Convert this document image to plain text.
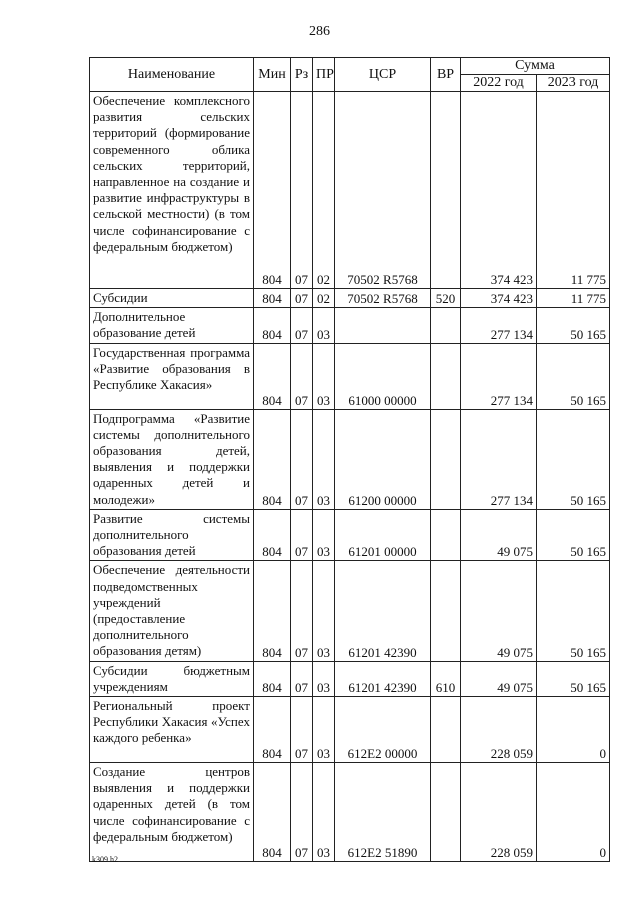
286
Наименование	Мин	Рз	ПР	ЦСР	ВР	Сумма	
						2022 год	2023 год
Обеспечение комплексного развития сельских территорий (формирование современного облика сельских территорий, направленное на создание и развитие инфраструктуры в сельской местности) (в том числе софинансирование с федеральным бюджетом)	804	07	02	70502 R5768		374 423	11 775
Субсидии	804	07	02	70502 R5768	520	374 423	11 775
Дополнительное образование детей	804	07	03			277 134	50 165
Государственная программа «Развитие образования в Республике Хакасия»	804	07	03	61000 00000		277 134	50 165
Подпрограмма «Развитие системы дополнительного образования детей, выявления и поддержки одаренных детей и молодежи»	804	07	03	61200 00000		277 134	50 165
Развитие системы дополнительного образования детей	804	07	03	61201 00000		49 075	50 165
Обеспечение деятельности подведомственных учреждений (предоставление дополнительного образования детям)	804	07	03	61201 42390		49 075	50 165
Субсидии бюджетным учреждениям	804	07	03	61201 42390	610	49 075	50 165
Региональный проект Республики Хакасия «Успех каждого ребенка»	804	07	03	612E2 00000		228 059	0
Создание центров выявления и поддержки одаренных детей (в том числе софинансирование с федеральным бюджетом)	804	07	03	612E2 51890		228 059	0
k309 h2
